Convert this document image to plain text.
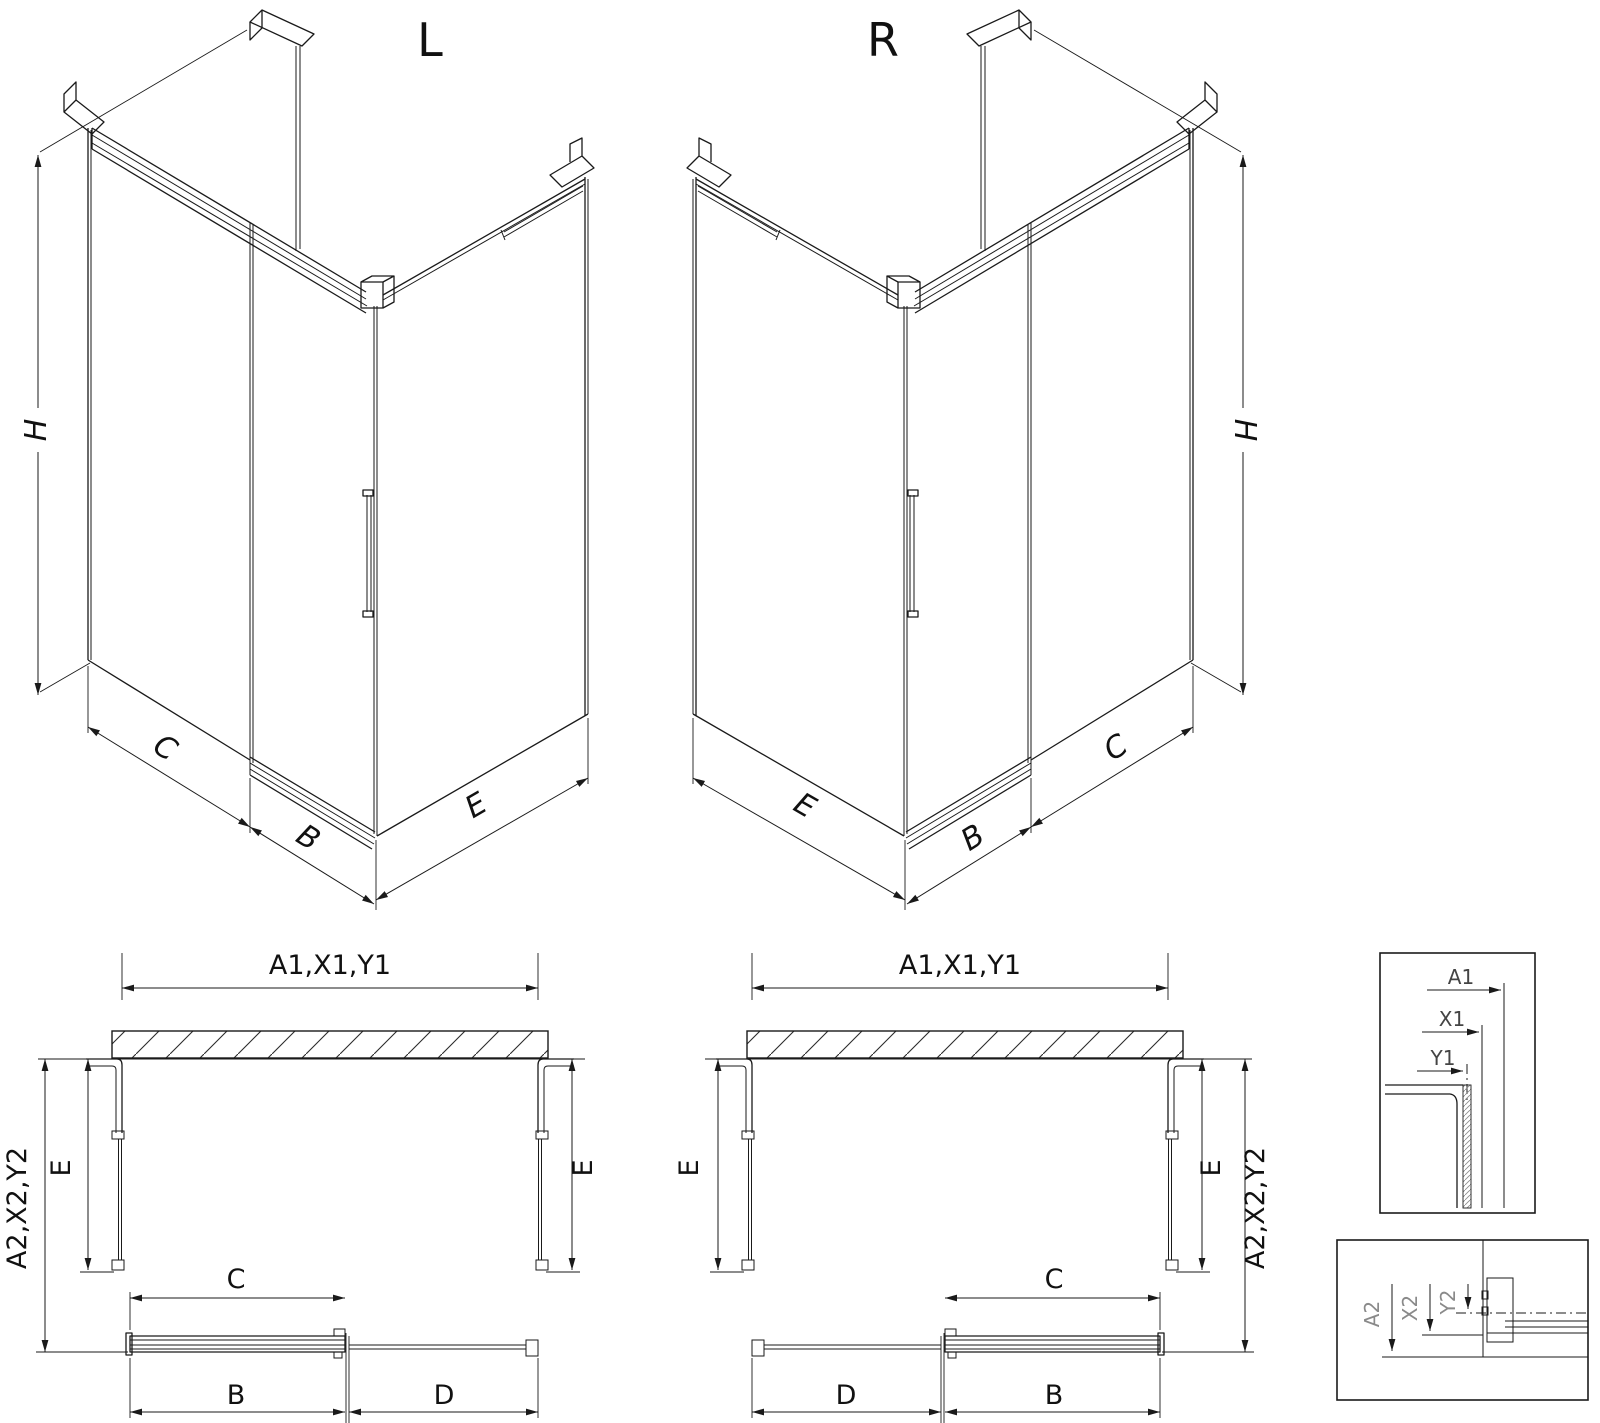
L
H
C
B
E
R
H
C
B
E
A1,X1,Y1
E	E
A2,X2,Y2
C
B	D
A1,X1,Y1
E	E A2,X2,Y2
C
B
D
A1
X1
Y1
A2 X2 Y2
